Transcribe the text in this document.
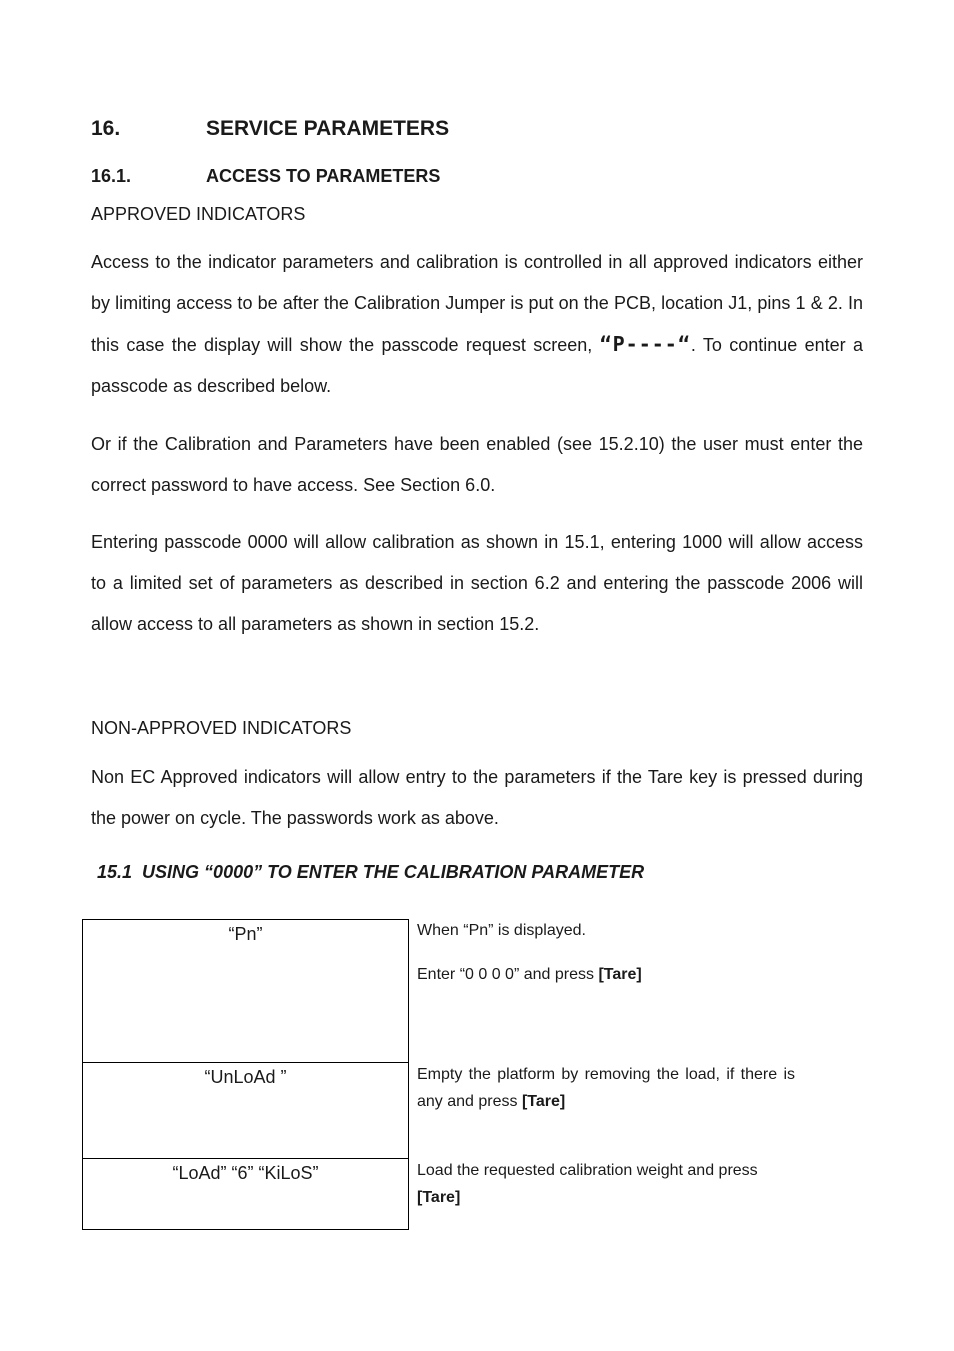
16.	SERVICE PARAMETERS
16.1.	ACCESS TO PARAMETERS
APPROVED INDICATORS
Access to the indicator parameters and calibration is controlled in all approved indicators either by limiting access to be after the Calibration Jumper is put on the PCB, location J1, pins 1 & 2. In this case the display will show the passcode request screen, “P----“. To continue enter a passcode as described below.
Or if the Calibration and Parameters have been enabled (see 15.2.10) the user must enter the correct password to have access. See Section 6.0.
Entering passcode 0000 will allow calibration as shown in 15.1, entering 1000 will allow access to a limited set of parameters as described in section 6.2 and entering the passcode 2006 will allow access to all parameters as shown in section 15.2.
NON-APPROVED INDICATORS
Non EC Approved indicators will allow entry to the parameters if the Tare key is pressed during the power on cycle. The passwords work as above.
15.1 USING “0000” TO ENTER THE CALIBRATION PARAMETER
“Pn”	When “Pn” is displayed.

Enter “0 0 0 0” and press [Tare]

“UnLoAd ”	Empty the platform by removing the load, if there is any and press [Tare]

“LoAd” “6” “KiLoS”	Load the requested calibration weight and press [Tare]
